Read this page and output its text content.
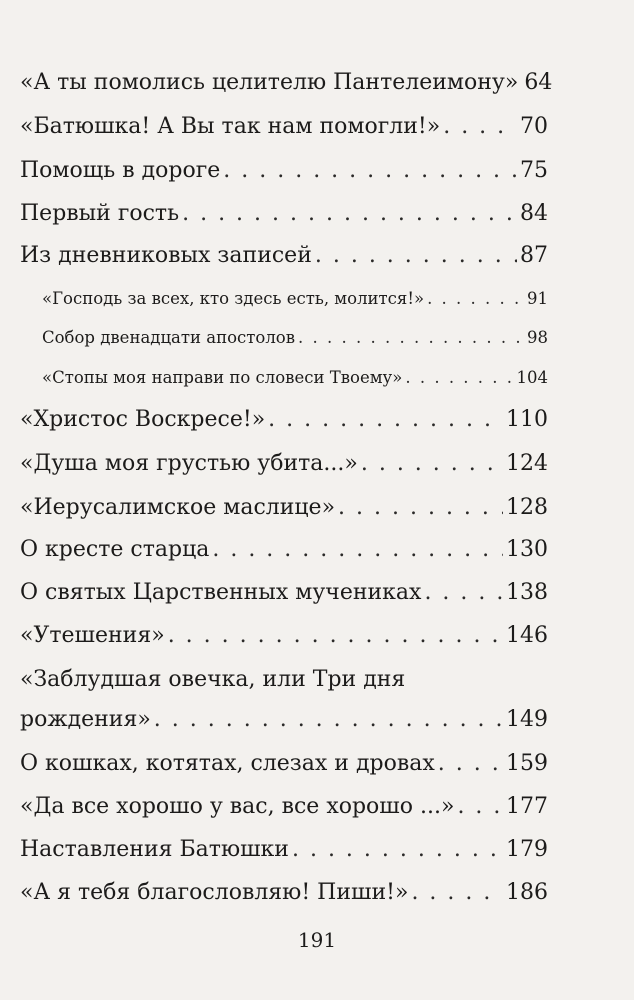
«А ты помолись целителю Пантелеимону» 64
«Батюшка! А Вы так нам помогли!» . . .	70
Помощь в дороге . . .	75
Первый гость . . .	84
Из дневниковых записей . . .	87
«Господь за всех, кто здесь есть, молится!» . . .	91
Собор двенадцати апостолов . . .	98
«Стопы моя направи по словеси Твоему» . . .	104
«Христос Воскресе!» . . .	110
«Душа моя грустью убита...» . . .	124
«Иерусалимское маслице» . . .	128
О кресте старца . . .	130
О святых Царственных мучениках . . .	138
«Утешения» . . .	146
«Заблудшая овечка, или Три дня
рождения» . . .	149
О кошках, котятах, слезах и дровах . . .	159
«Да все хорошо у вас, все хорошо ...» . . . 177
Наставления Батюшки . . .	179
«А я тебя благословляю! Пиши!» . . .	186
191
